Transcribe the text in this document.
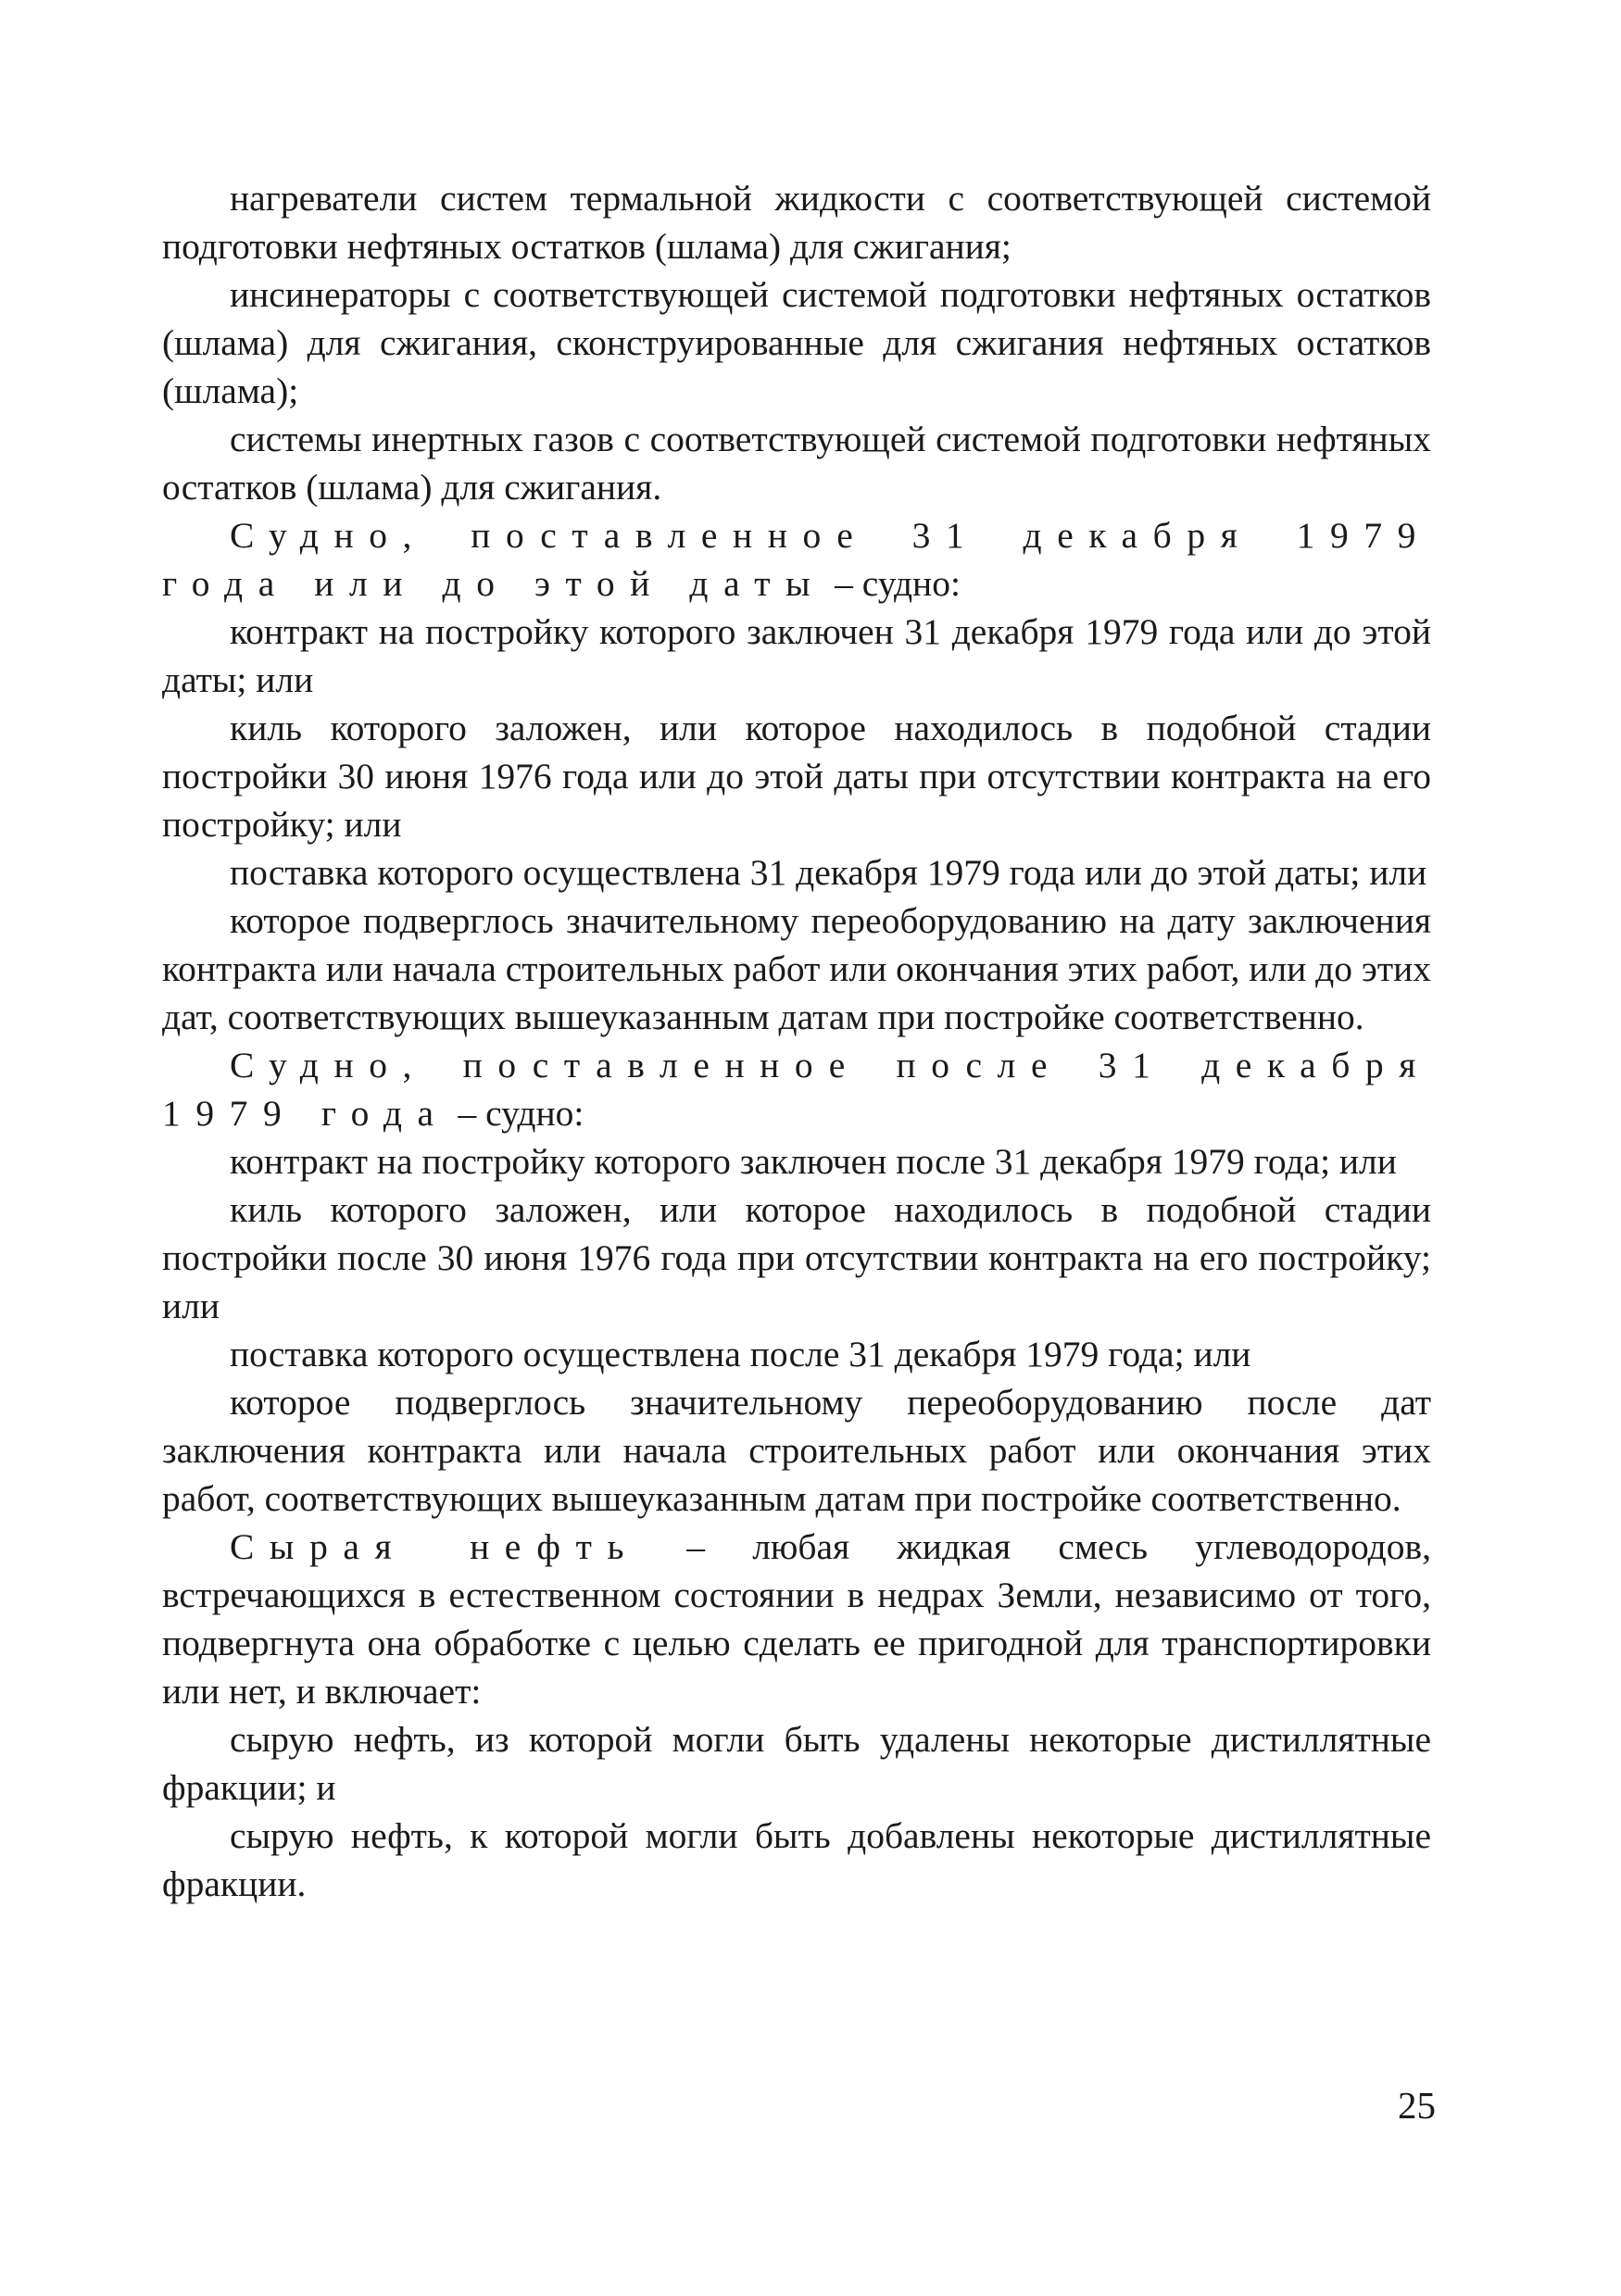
нагреватели систем термальной жидкости с соответствующей системой подготовки нефтяных остатков (шлама) для сжигания;

инсинераторы с соответствующей системой подготовки нефтяных остатков (шлама) для сжигания, сконструированные для сжигания нефтяных остатков (шлама);

системы инертных газов с соответствующей системой подготовки нефтяных остатков (шлама) для сжигания.

Судно, поставленное 31 декабря 1979 года или до этой даты – судно:

контракт на постройку которого заключен 31 декабря 1979 года или до этой даты; или

киль которого заложен, или которое находилось в подобной стадии постройки 30 июня 1976 года или до этой даты при отсутствии контракта на его постройку; или

поставка которого осуществлена 31 декабря 1979 года или до этой даты; или

которое подверглось значительному переоборудованию на дату заключения контракта или начала строительных работ или окончания этих работ, или до этих дат, соответствующих вышеуказанным датам при постройке соответственно.

Судно, поставленное после 31 декабря 1979 года – судно:

контракт на постройку которого заключен после 31 декабря 1979 года; или

киль которого заложен, или которое находилось в подобной стадии постройки после 30 июня 1976 года при отсутствии контракта на его постройку; или

поставка которого осуществлена после 31 декабря 1979 года; или

которое подверглось значительному переоборудованию после дат заключения контракта или начала строительных работ или окончания этих работ, соответствующих вышеуказанным датам при постройке соответственно.

Сырая нефть – любая жидкая смесь углеводородов, встречающихся в естественном состоянии в недрах Земли, независимо от того, подвергнута она обработке с целью сделать ее пригодной для транспортировки или нет, и включает:

сырую нефть, из которой могли быть удалены некоторые дистиллятные фракции; и

сырую нефть, к которой могли быть добавлены некоторые дистиллятные фракции.

25
